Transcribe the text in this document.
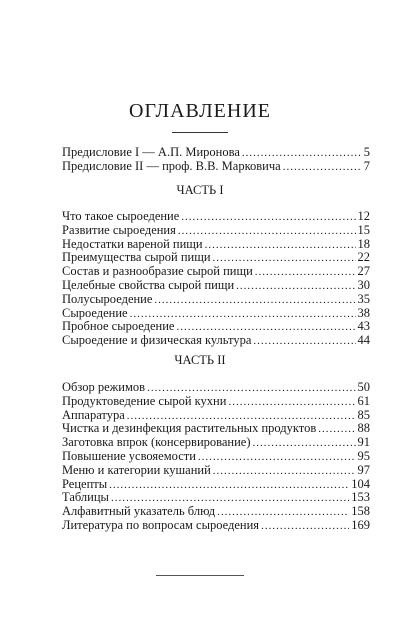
ОГЛАВЛЕНИЕ
Предисловие I — А.П. Миронова .....	5
Предисловие II — проф. В.В. Марковича .....	7
ЧАСТЬ I
Что такое сыроедение .....	12
Развитие сыроедения .....	15
Недостатки вареной пищи .....	18
Преимущества сырой пищи .....	22
Состав и разнообразие сырой пищи .....	27
Целебные свойства сырой пищи .....	30
Полусыроедение .....	35
Сыроедение .....	38
Пробное сыроедение .....	43
Сыроедение и физическая культура .....	44
ЧАСТЬ II
Обзор режимов .....	50
Продуктоведение сырой кухни .....	61
Аппаратура .....	85
Чистка и дезинфекция растительных продуктов .....	88
Заготовка впрок (консервирование) .....	91
Повышение усвояемости .....	95
Меню и категории кушаний .....	97
Рецепты .....	104
Таблицы .....	153
Алфавитный указатель блюд .....	158
Литература по вопросам сыроедения .....	169
